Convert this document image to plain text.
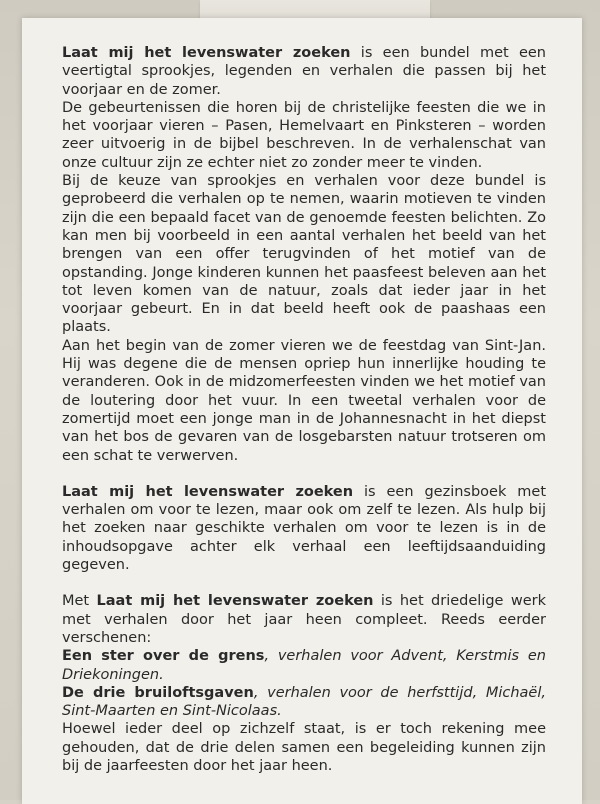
Laat mij het levenswater zoeken is een bundel met een veertigtal sprookjes, legenden en verhalen die passen bij het voorjaar en de zomer.

De gebeurtenissen die horen bij de christelijke feesten die we in het voorjaar vieren – Pasen, Hemelvaart en Pinksteren – worden zeer uitvoerig in de bijbel beschreven. In de verhalenschat van onze cultuur zijn ze echter niet zo zonder meer te vinden.

Bij de keuze van sprookjes en verhalen voor deze bundel is geprobeerd die verhalen op te nemen, waarin motieven te vinden zijn die een bepaald facet van de genoemde feesten belichten. Zo kan men bij voorbeeld in een aantal verhalen het beeld van het brengen van een offer terugvinden of het motief van de opstanding. Jonge kinderen kunnen het paasfeest beleven aan het tot leven komen van de natuur, zoals dat ieder jaar in het voorjaar gebeurt. En in dat beeld heeft ook de paashaas een plaats.

Aan het begin van de zomer vieren we de feestdag van Sint-Jan. Hij was degene die de mensen opriep hun innerlijke houding te veranderen. Ook in de midzomerfeesten vinden we het motief van de loutering door het vuur. In een tweetal verhalen voor de zomertijd moet een jonge man in de Johannesnacht in het diepst van het bos de gevaren van de losgebarsten natuur trotseren om een schat te verwerven.

Laat mij het levenswater zoeken is een gezinsboek met verhalen om voor te lezen, maar ook om zelf te lezen. Als hulp bij het zoeken naar geschikte verhalen om voor te lezen is in de inhoudsopgave achter elk verhaal een leeftijdsaanduiding gegeven.

Met Laat mij het levenswater zoeken is het driedelige werk met verhalen door het jaar heen compleet. Reeds eerder verschenen:

Een ster over de grens, verhalen voor Advent, Kerstmis en Driekoningen.

De drie bruiloftsgaven, verhalen voor de herfsttijd, Michaël, Sint-Maarten en Sint-Nicolaas.

Hoewel ieder deel op zichzelf staat, is er toch rekening mee gehouden, dat de drie delen samen een begeleiding kunnen zijn bij de jaarfeesten door het jaar heen.
